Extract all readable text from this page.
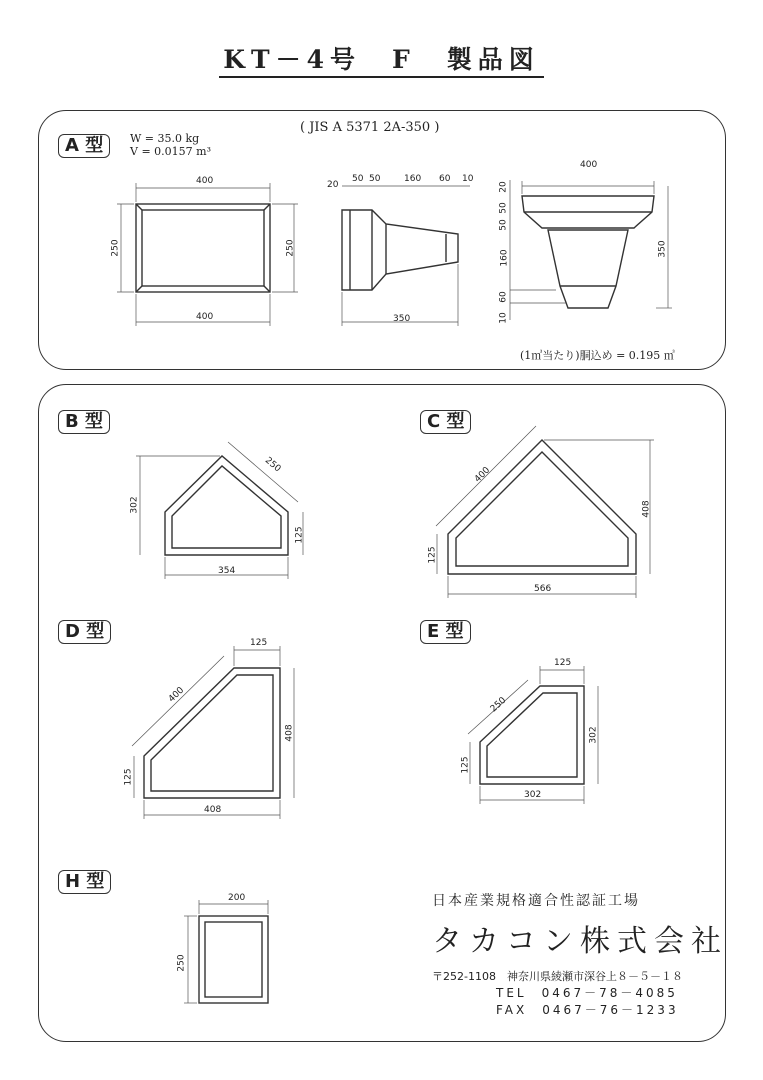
KT－4号　F　製品図
A 型	W = 35.0 kg
V = 0.0157 m³
( JIS A 5371 2A-350 )
(1㎥当たり)胴込め = 0.195 ㎥
400
400
250	250
20
50 50	160 60 10
350
400
20
50
50
160
60
10
350
B 型
250
302
125
354
C 型
400
408
125
566
D 型
125
400
408
125
408
E 型
125
250
302
125
302
H 型
200
250
日本産業規格適合性認証工場
タカコン株式会社
〒252-1108　神奈川県綾瀬市深谷上８－５－１８
TEL　0467－78－4085
FAX　0467－76－1233
